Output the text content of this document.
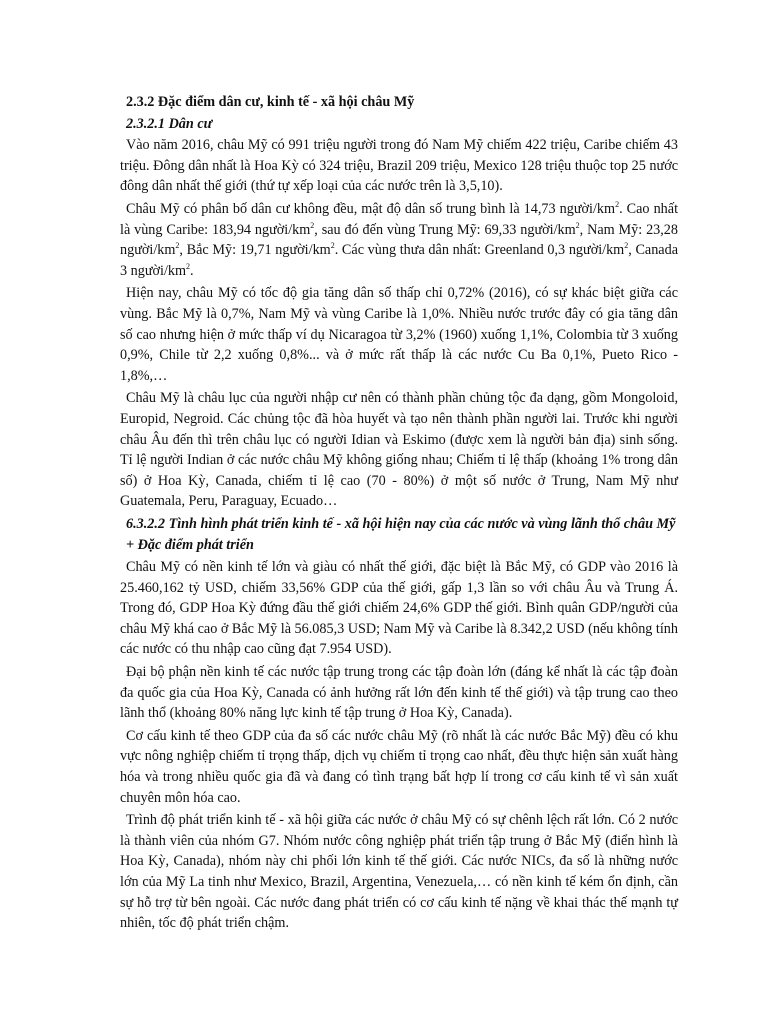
2.3.2 Đặc điểm dân cư, kinh tế - xã hội châu Mỹ
2.3.2.1 Dân cư

Vào năm 2016, châu Mỹ có 991 triệu người trong đó Nam Mỹ chiếm 422 triệu, Caribe chiếm 43 triệu. Đông dân nhất là Hoa Kỳ có 324 triệu, Brazil 209 triệu, Mexico 128 triệu thuộc top 25 nước đông dân nhất thế giới (thứ tự xếp loại của các nước trên là 3,5,10).

Châu Mỹ có phân bố dân cư không đều, mật độ dân số trung bình là 14,73 người/$km^2$. Cao nhất là vùng Caribe: 183,94 người/$km^2$, sau đó đến vùng Trung Mỹ: 69,33 người/$km^2$, Nam Mỹ: 23,28 người/$km^2$, Bắc Mỹ: 19,71 người/$km^2$. Các vùng thưa dân nhất: Greenland 0,3 người/$km^2$, Canada 3 người/$km^2$.

Hiện nay, châu Mỹ có tốc độ gia tăng dân số thấp chỉ 0,72% (2016), có sự khác biệt giữa các vùng. Bắc Mỹ là 0,7%, Nam Mỹ và vùng Caribe là 1,0%. Nhiều nước trước đây có gia tăng dân số cao nhưng hiện ở mức thấp ví dụ Nicaragoa từ 3,2% (1960) xuống 1,1%, Colombia từ 3 xuống 0,9%, Chile từ 2,2 xuống 0,8%... và ở mức rất thấp là các nước Cu Ba 0,1%, Pueto Rico - 1,8%,…

Châu Mỹ là châu lục của người nhập cư nên có thành phần chủng tộc đa dạng, gồm Mongoloid, Europid, Negroid. Các chủng tộc đã hòa huyết và tạo nên thành phần người lai. Trước khi người châu Âu đến thì trên châu lục có người Idian và Eskimo (được xem là người bản địa) sinh sống. Tỉ lệ người Indian ở các nước châu Mỹ không giống nhau; Chiếm tỉ lệ thấp (khoảng 1% trong dân số) ở Hoa Kỳ, Canada, chiếm tỉ lệ cao (70 - 80%) ở một số nước ở Trung, Nam Mỹ như Guatemala, Peru, Paraguay, Ecuado…

6.3.2.2 Tình hình phát triển kinh tế - xã hội hiện nay của các nước và vùng lãnh thổ châu Mỹ
+ Đặc điểm phát triển

Châu Mỹ có nền kinh tế lớn và giàu có nhất thế giới, đặc biệt là Bắc Mỹ, có GDP vào 2016 là 25.460,162 tỷ USD, chiếm 33,56% GDP của thế giới, gấp 1,3 lần so với châu Âu và Trung Á. Trong đó, GDP Hoa Kỳ đứng đầu thế giới chiếm 24,6% GDP thế giới. Bình quân GDP/người của châu Mỹ khá cao ở Bắc Mỹ là 56.085,3 USD; Nam Mỹ và Caribe là 8.342,2 USD (nếu không tính các nước có thu nhập cao cũng đạt 7.954 USD).

Đại bộ phận nền kinh tế các nước tập trung trong các tập đoàn lớn (đáng kể nhất là các tập đoàn đa quốc gia của Hoa Kỳ, Canada có ảnh hưởng rất lớn đến kinh tế thế giới) và tập trung cao theo lãnh thổ (khoảng 80% năng lực kinh tế tập trung ở Hoa Kỳ, Canada).

Cơ cấu kinh tế theo GDP của đa số các nước châu Mỹ (rõ nhất là các nước Bắc Mỹ) đều có khu vực nông nghiệp chiếm tỉ trọng thấp, dịch vụ chiếm tỉ trọng cao nhất, đều thực hiện sản xuất hàng hóa và trong nhiều quốc gia đã và đang có tình trạng bất hợp lí trong cơ cấu kinh tế vì sản xuất chuyên môn hóa cao.

Trình độ phát triển kinh tế - xã hội giữa các nước ở châu Mỹ có sự chênh lệch rất lớn. Có 2 nước là thành viên của nhóm G7. Nhóm nước công nghiệp phát triển tập trung ở Bắc Mỹ (điển hình là Hoa Kỳ, Canada), nhóm này chi phối lớn kinh tế thế giới. Các nước NICs, đa số là những nước lớn của Mỹ La tinh như Mexico, Brazil, Argentina, Venezuela,… có nền kinh tế kém ổn định, cần sự hỗ trợ từ bên ngoài. Các nước đang phát triển có cơ cấu kinh tế nặng về khai thác thế mạnh tự nhiên, tốc độ phát triển chậm.
